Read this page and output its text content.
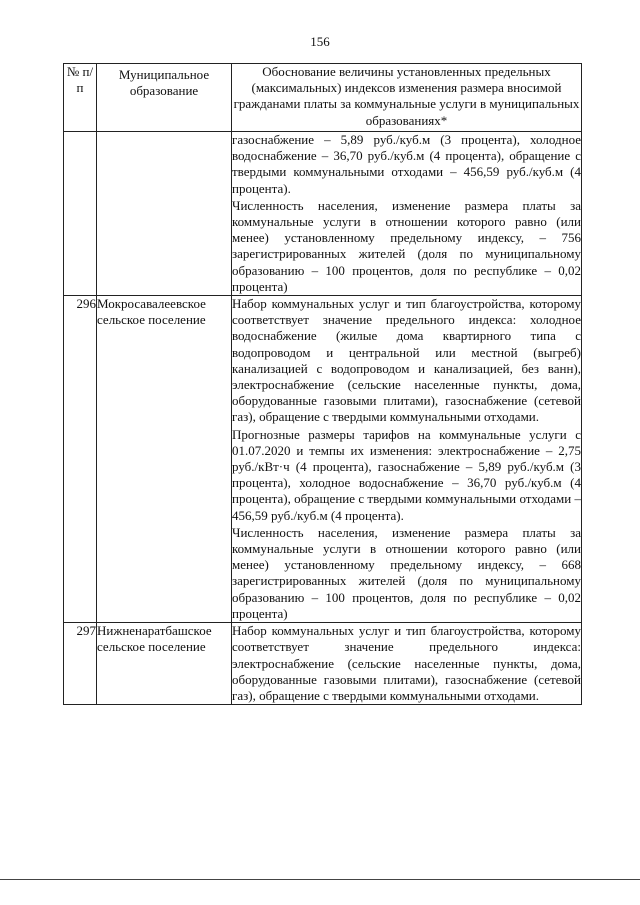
156
№ п/п	Муниципальное образование	Обоснование величины установленных предельных (максимальных) индексов изменения размера вносимой гражданами платы за коммунальные услуги в муниципальных образованиях*

		газоснабжение – 5,89 руб./куб.м (3 процента), холодное водоснабжение – 36,70 руб./куб.м (4 процента), обращение с твердыми коммунальными отходами – 456,59 руб./куб.м (4 процента).
Численность населения, изменение размера платы за коммунальные услуги в отношении которого равно (или менее) установленному предельному индексу, – 756 зарегистрированных жителей (доля по муниципальному образованию – 100 процентов, доля по республике – 0,02 процента)

296	Мокросавалеевское сельское поселение	Набор коммунальных услуг и тип благоустройства, которому соответствует значение предельного индекса: холодное водоснабжение (жилые дома квартирного типа с водопроводом и центральной или местной (выгреб) канализацией с водопроводом и канализацией, без ванн), электроснабжение (сельские населенные пункты, дома, оборудованные газовыми плитами), газоснабжение (сетевой газ), обращение с твердыми коммунальными отходами.
Прогнозные размеры тарифов на коммунальные услуги с 01.07.2020 и темпы их изменения: электроснабжение – 2,75 руб./кВт·ч (4 процента), газоснабжение – 5,89 руб./куб.м (3 процента), холодное водоснабжение – 36,70 руб./куб.м (4 процента), обращение с твердыми коммунальными отходами – 456,59 руб./куб.м (4 процента).
Численность населения, изменение размера платы за коммунальные услуги в отношении которого равно (или менее) установленному предельному индексу, – 668 зарегистрированных жителей (доля по муниципальному образованию – 100 процентов, доля по республике – 0,02 процента)

297	Нижненаратбашское сельское поселение	Набор коммунальных услуг и тип благоустройства, которому соответствует значение предельного индекса: электроснабжение (сельские населенные пункты, дома, оборудованные газовыми плитами), газоснабжение (сетевой газ), обращение с твердыми коммунальными отходами.
